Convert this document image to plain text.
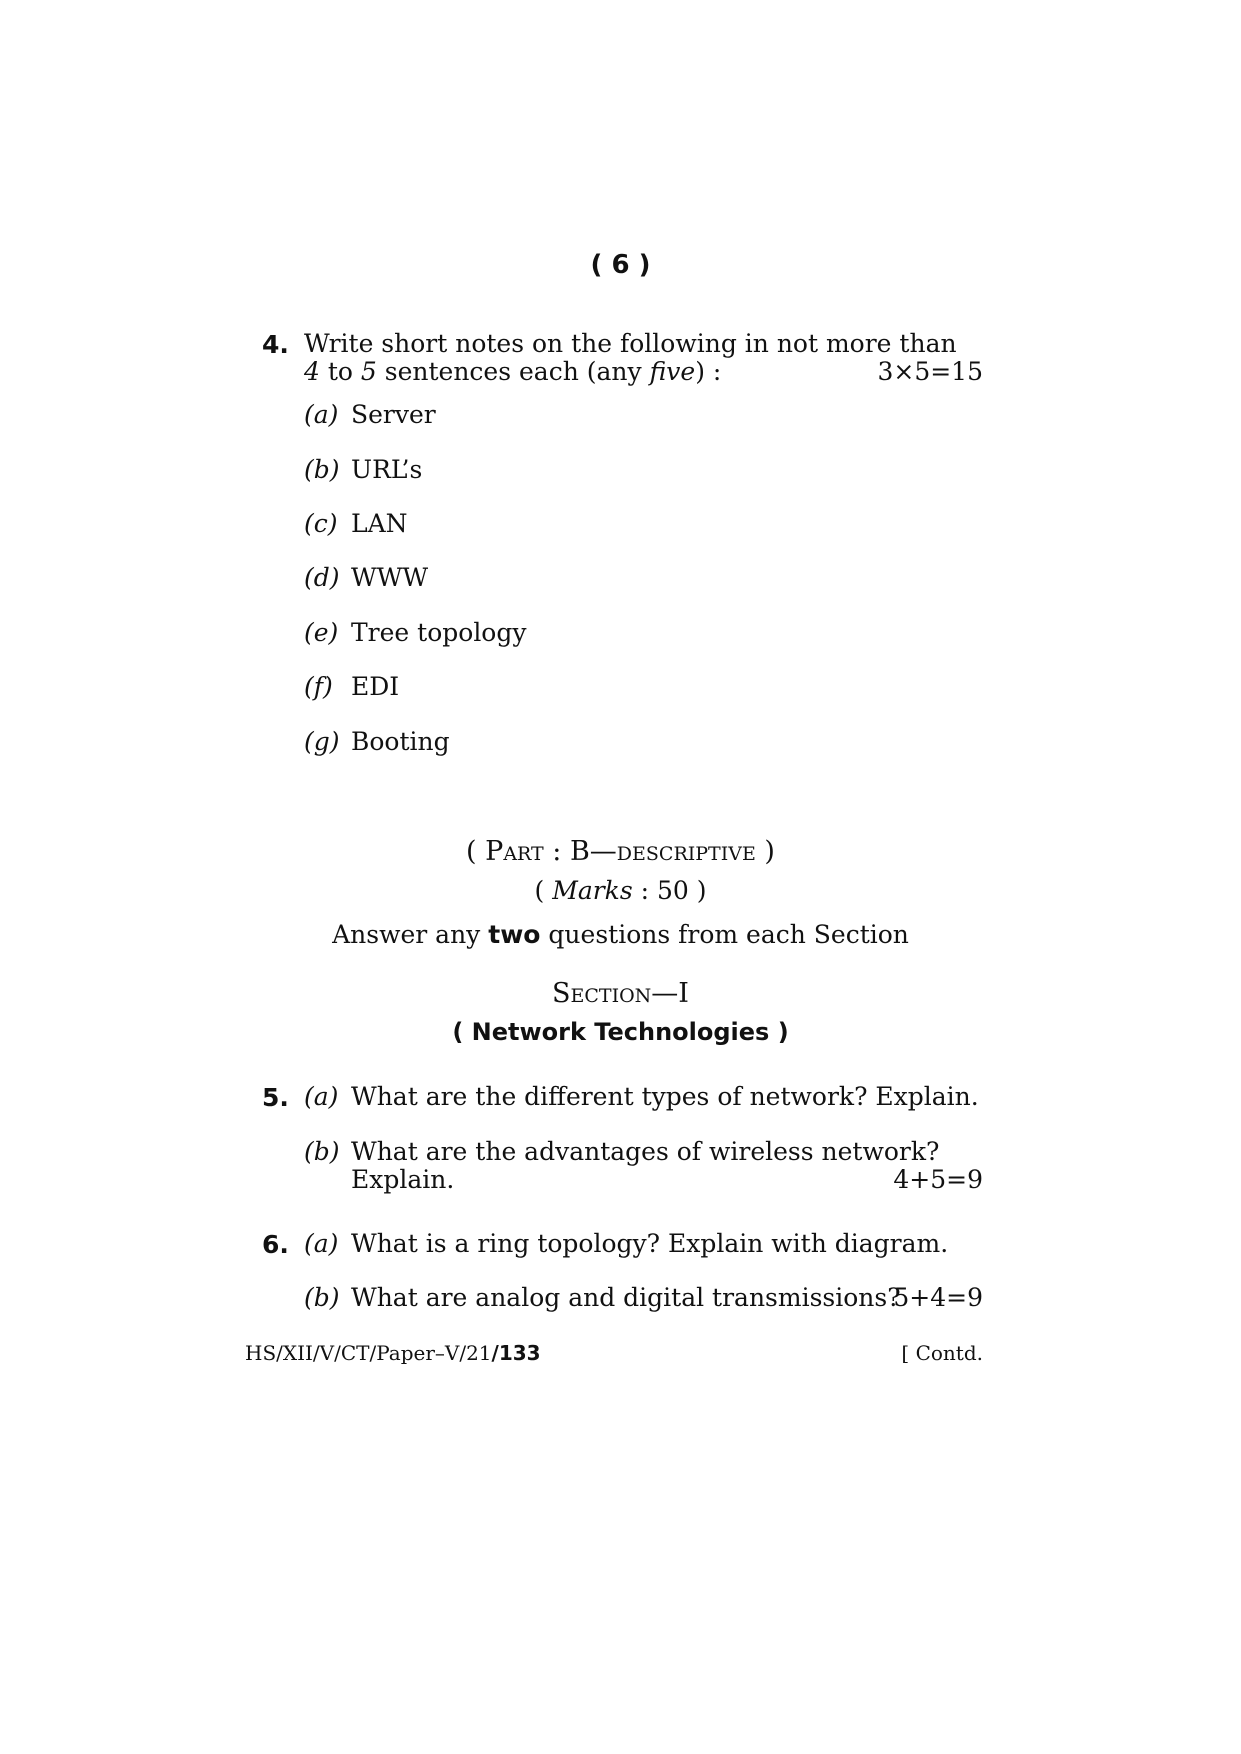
( 6 )
4. Write short notes on the following in not more than
4 to 5 sentences each (any five) :	3×5=15
(a) Server
(b) URL’s
(c) LAN
(d) WWW
(e) Tree topology
(f) EDI
(g) Booting
( Part : B—descriptive )
( Marks : 50 )
Answer any two questions from each Section
Section—I
( Network Technologies )
5. (a) What are the different types of network? Explain.
(b) What are the advantages of wireless network?
Explain.	4+5=9
6. (a) What is a ring topology? Explain with diagram.
(b) What are analog and digital transmissions?
5+4=9
HS/XII/V/CT/Paper–V/21/133	[ Contd.
